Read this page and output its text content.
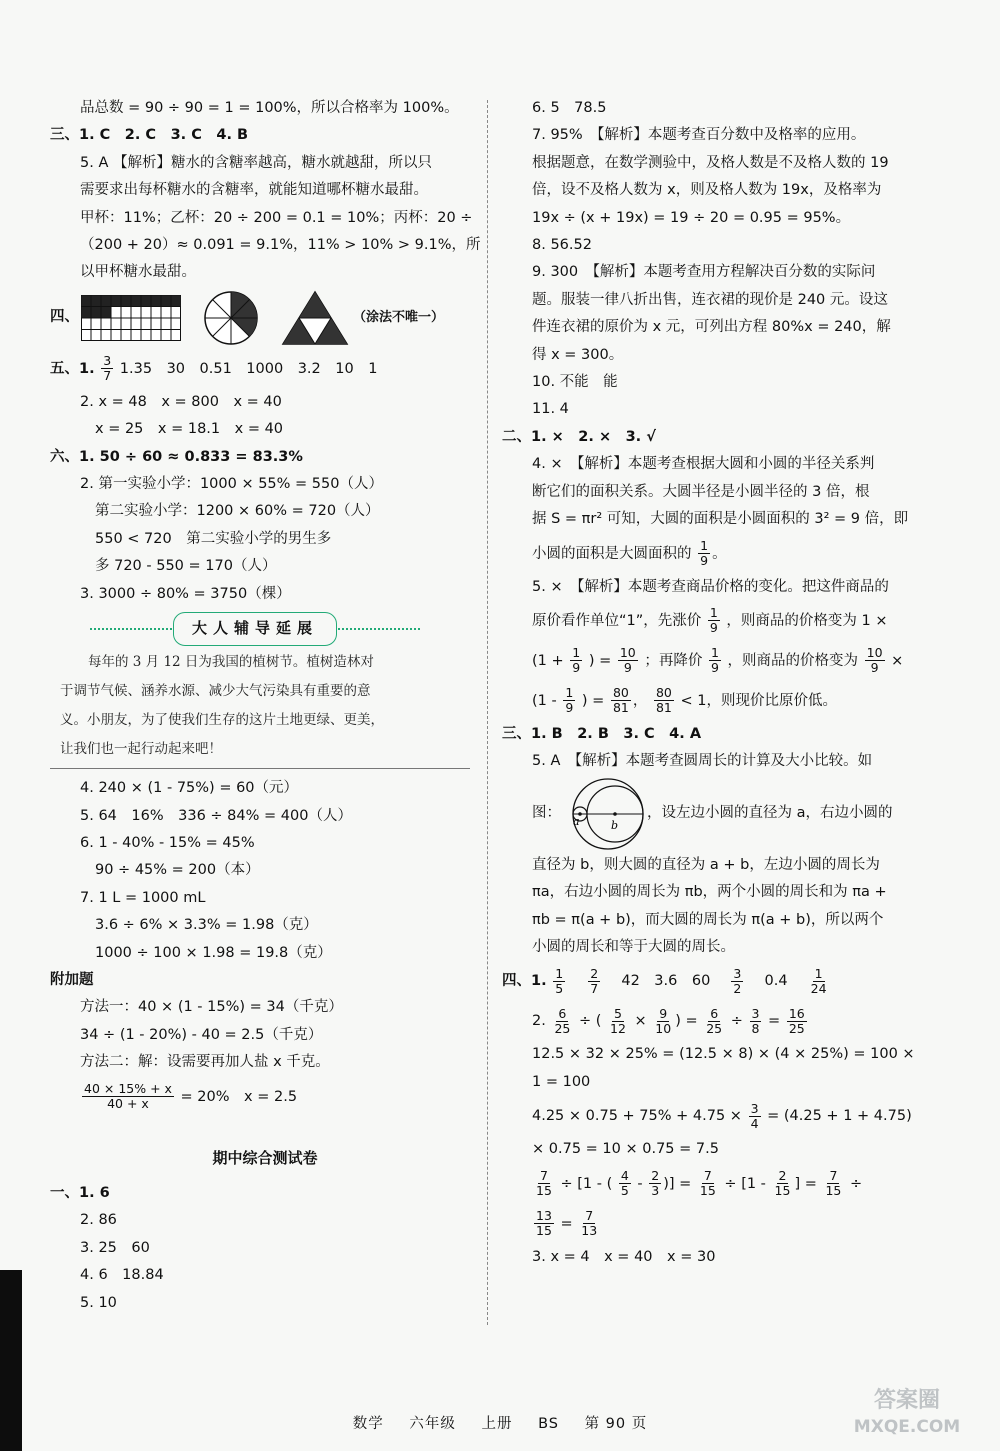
品总数 = 90 ÷ 90 = 1 = 100%，所以合格率为 100%。
三、1. C　2. C　3. C　4. B
5. A 【解析】糖水的含糖率越高，糖水就越甜，所以只
需要求出每杯糖水的含糖率，就能知道哪杯糖水最甜。
甲杯：11%；乙杯：20 ÷ 200 = 0.1 = 10%；丙杯：20 ÷
（200 + 20）≈ 0.091 = 9.1%，11% > 10% > 9.1%，所
以甲杯糖水最甜。
四、	（涂法不唯一）
五、1. $\frac{3}{7} 1.35$　30　0.51　1000　3.2　10　1
2. x = 48　x = 800　x = 40
x = 25　x = 18.1　x = 40
六、1. 50 ÷ 60 ≈ 0.833 = 83.3%
2. 第一实验小学：1000 × 55% = 550（人）
第二实验小学：1200 × 60% = 720（人）
550 < 720　第二实验小学的男生多
多 720 - 550 = 170（人）
3. 3000 ÷ 80% = 3750（棵）
大人辅导延展
每年的 3 月 12 日为我国的植树节。植树造林对
于调节气候、涵养水源、减少大气污染具有重要的意
义。小朋友，为了使我们生存的这片土地更绿、更美，
让我们也一起行动起来吧！
4. 240 × (1 - 75%) = 60（元）
5. 64　16%　336 ÷ 84% = 400（人）
6. 1 - 40% - 15% = 45%
90 ÷ 45% = 200（本）
7. 1 L = 1000 mL
3.6 ÷ 6% × 3.3% = 1.98（克）
1000 ÷ 100 × 1.98 = 19.8（克）
附加题
方法一：40 × (1 - 15%) = 34（千克）
34 ÷ (1 - 20%) - 40 = 2.5（千克）
方法二：解：设需要再加人盐 x 千克。
$\frac{40 \times 15\% + x}{40 + x} = 20\%$　x = 2.5
期中综合测试卷
一、1. 6
2. 86
3. 25　60
4. 6　18.84
5. 10
6. 5　78.5
7. 95%　【解析】本题考查百分数中及格率的应用。
根据题意，在数学测验中，及格人数是不及格人数的 19
倍，设不及格人数为 x，则及格人数为 19x，及格率为
19x ÷ (x + 19x) = 19 ÷ 20 = 0.95 = 95%。
8. 56.52
9. 300　【解析】本题考查用方程解决百分数的实际问
题。服装一律八折出售，连衣裙的现价是 240 元。设这
件连衣裙的原价为 x 元，可列出方程 80%x = 240，解
得 x = 300。
10. 不能　能
11. 4
二、1. ×　2. ×　3. √
4. ×　【解析】本题考查根据大圆和小圆的半径关系判
断它们的面积关系。大圆半径是小圆半径的 3 倍，根
据 S = πr² 可知，大圆的面积是小圆面积的 3² = 9 倍，即
小圆的面积是大圆面积的 $\frac{1}{9}$ 。
5. ×　【解析】本题考查商品价格的变化。把这件商品的
原价看作单位“1”，先涨价 $\frac{1}{9}$ ，则商品的价格变为 1 ×
($1 + \frac{1}{9}$ ) = $\frac{10}{9}$ ；再降价 $\frac{1}{9}$ ，则商品的价格变为 $\frac{10}{9}$ ×
($1 - \frac{1}{9}$ ) = $\frac{80}{81}$ ， $\frac{80}{81} < 1$，则现价比原价低。
三、1. B　2. B　3. C　4. A
5. A　【解析】本题考查圆周长的计算及大小比较。如
图：
a	b
，设左边小圆的直径为 a，右边小圆的
直径为 b，则大圆的直径为 a + b，左边小圆的周长为
πa，右边小圆的周长为 πb，两个小圆的周长和为 πa +
πb = π(a + b)，而大圆的周长为 π(a + b)，所以两个
小圆的周长和等于大圆的周长。
四、1. $\frac{1}{5}$
  $\frac{2}{7}$
  42　3.6　60  $\frac{3}{2}$
  0.4  $\frac{1}{24}$
2. $\frac{6}{25}$ ÷ ( $\frac{5}{12} \times \frac{9}{10}$ ) = $\frac{6}{25} \div \frac{3}{8} = \frac{16}{25}$
12.5 × 32 × 25% = (12.5 × 8) × (4 × 25%) = 100 ×
1 = 100
$4.25 \times 0.75 + 75\% + 4.75 \times \frac{3}{4} = (4.25 + 1 + 4.75)$
× 0.75 = 10 × 0.75 = 7.5
$\frac{7}{15} \div [1$ - ( $\frac{4}{5} - \frac{2}{3}$ )] = $\frac{7}{15} \div [1 - \frac{2}{15}$ ] = $\frac{7}{15}$ ÷
$\frac{13}{15} = \frac{7}{13}$
3. x = 4　x = 40　x = 30
数学 六年级 上册 BS 第 90 页
答案圈
MXQE.COM
